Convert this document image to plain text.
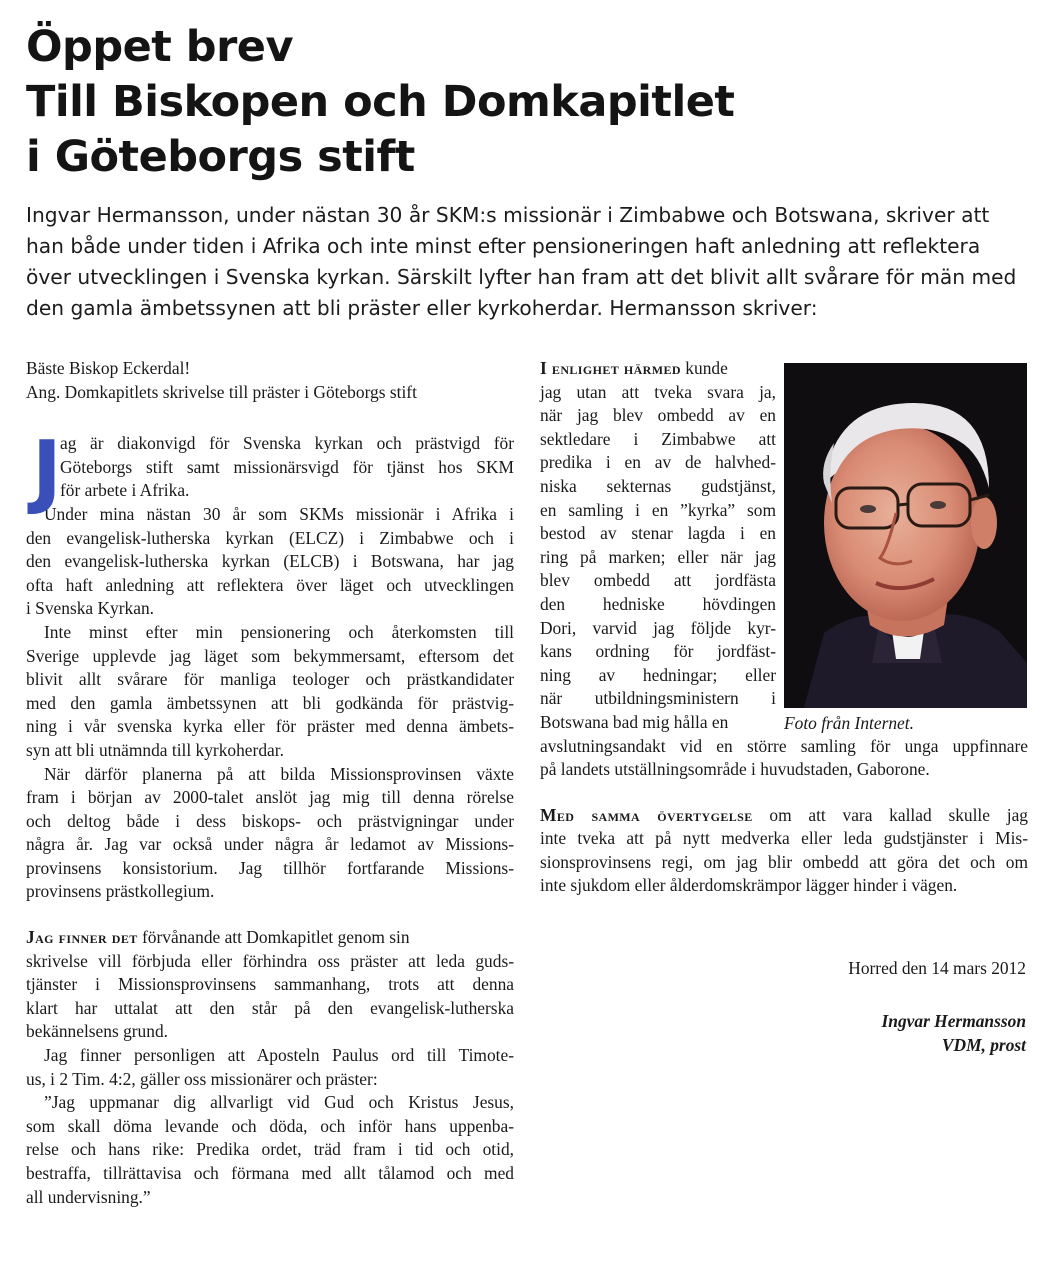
Öppet brev
Till Biskopen och Domkapitlet
i Göteborgs stift
Ingvar Hermansson, under nästan 30 år SKM:s missionär i Zimbabwe och Botswana, skriver att
han både under tiden i Afrika och inte minst efter pensioneringen haft anledning att reflektera
över utvecklingen i Svenska kyrkan. Särskilt lyfter han fram att det blivit allt svårare för män med
den gamla ämbetssynen att bli präster eller kyrkoherdar. Hermansson skriver:
Bäste Biskop Eckerdal!
Ang. Domkapitlets skrivelse till präster i Göteborgs stift
J
ag är diakonvigd för Svenska kyrkan och prästvigd för
Göteborgs stift samt missionärsvigd för tjänst hos SKM
för arbete i Afrika.
Under mina nästan 30 år som SKMs missionär i Afrika i
den evangelisk-lutherska kyrkan (ELCZ) i Zimbabwe och i
den evangelisk-lutherska kyrkan (ELCB) i Botswana, har jag
ofta haft anledning att reflektera över läget och utvecklingen
i Svenska Kyrkan.
Inte minst efter min pensionering och återkomsten till
Sverige upplevde jag läget som bekymmersamt, eftersom det
blivit allt svårare för manliga teologer och prästkandidater
med den gamla ämbetssynen att bli godkända för prästvig-
ning i vår svenska kyrka eller för präster med denna ämbets-
syn att bli utnämnda till kyrkoherdar.
När därför planerna på att bilda Missionsprovinsen växte
fram i början av 2000-talet anslöt jag mig till denna rörelse
och deltog både i dess biskops- och prästvigningar under
några år. Jag var också under några år ledamot av Missions-
provinsens konsistorium. Jag tillhör fortfarande Missions-
provinsens prästkollegium.
Jag finner det förvånande att Domkapitlet genom sin
skrivelse vill förbjuda eller förhindra oss präster att leda guds-
tjänster i Missionsprovinsens sammanhang, trots att denna
klart har uttalat att den står på den evangelisk-lutherska
bekännelsens grund.
Jag finner personligen att Aposteln Paulus ord till Timote-
us, i 2 Tim. 4:2, gäller oss missionärer och präster:
”Jag uppmanar dig allvarligt vid Gud och Kristus Jesus,
som skall döma levande och döda, och inför hans uppenba-
relse och hans rike: Predika ordet, träd fram i tid och otid,
bestraffa, tillrättavisa och förmana med allt tålamod och med
all undervisning.”
I enlighet härmed kunde
jag utan att tveka svara ja,
när jag blev ombedd av en
sektledare i Zimbabwe att
predika i en av de halvhed-
niska sekternas gudstjänst,
en samling i en ”kyrka” som
bestod av stenar lagda i en
ring på marken; eller när jag
blev ombedd att jordfästa
den hedniske hövdingen
Dori, varvid jag följde kyr-
kans ordning för jordfäst-
ning av hedningar; eller
när utbildningsministern i
Botswana bad mig hålla en
avslutningsandakt vid en större samling för unga uppfinnare
på landets utställningsområde i huvudstaden, Gaborone.
Med samma övertygelse om att vara kallad skulle jag
inte tveka att på nytt medverka eller leda gudstjänster i Mis-
sionsprovinsens regi, om jag blir ombedd att göra det och om
inte sjukdom eller ålderdomskrämpor lägger hinder i vägen.
Foto från Internet.
Horred den 14 mars 2012
Ingvar Hermansson
VDM, prost
